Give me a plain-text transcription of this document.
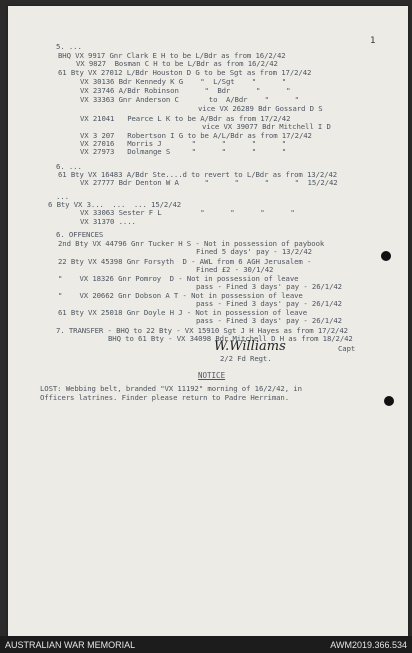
1
5. ...
BHQ VX 9917 Gnr Clark E H to be L/Bdr as from 16/2/42
VX 9827  Bosman C H to be L/Bdr as from 16/2/42
61 Bty VX 27012 L/Bdr Houston D G to be Sgt as from 17/2/42
VX 30136 Bdr Kennedy K G    "  L/Sgt    "      "
VX 23746 A/Bdr Robinson      "  Bdr      "      "
VX 33363 Gnr Anderson C       to  A/Bdr    "      "
vice VX 26289 Bdr Gossard D S
VX 21041   Pearce L K to be A/Bdr as from 17/2/42
vice VX 39077 Bdr Mitchell I D
VX 3 207   Robertson I G to be A/L/Bdr as from 17/2/42
VX 27016   Morris J       "      "      "      "
VX 27973   Dolmange S     "      "      "      "
6. ...
61 Bty VX 16483 A/Bdr Ste....d to revert to L/Bdr as from 13/2/42
VX 27777 Bdr Denton W A      "      "      "      "  15/2/42
...
6 Bty VX 3...  ...  ... 15/2/42
VX 33063 Sester F L         "      "      "      "
VX 31370 ....
6. OFFENCES
2nd Bty VX 44796 Gnr Tucker H S - Not in possession of paybook
Fined 5 days' pay - 13/2/42
22 Bty VX 45398 Gnr Forsyth  D - AWL from 6 AGH Jerusalem -
Fined £2 - 30/1/42
"    VX 18326 Gnr Pomroy  D - Not in possession of leave
pass - Fined 3 days' pay - 26/1/42
"    VX 20662 Gnr Dobson A T - Not in possession of leave
pass - Fined 3 days' pay - 26/1/42
61 Bty VX 25018 Gnr Doyle H J - Not in possession of leave
pass - Fined 3 days' pay - 26/1/42
7. TRANSFER - BHQ to 22 Bty - VX 15910 Sgt J H Hayes as from 17/2/42
BHQ to 61 Bty - VX 34098 Bdr Mitchell D H as from 18/2/42
W.Williams	Capt
2/2 Fd Regt.
NOTICE
LOST: Webbing belt, branded "VX 11192" morning of 16/2/42, in
Officers latrines. Finder please return to Padre Herriman.
AUSTRALIAN WAR MEMORIAL	AWM2019.366.534
